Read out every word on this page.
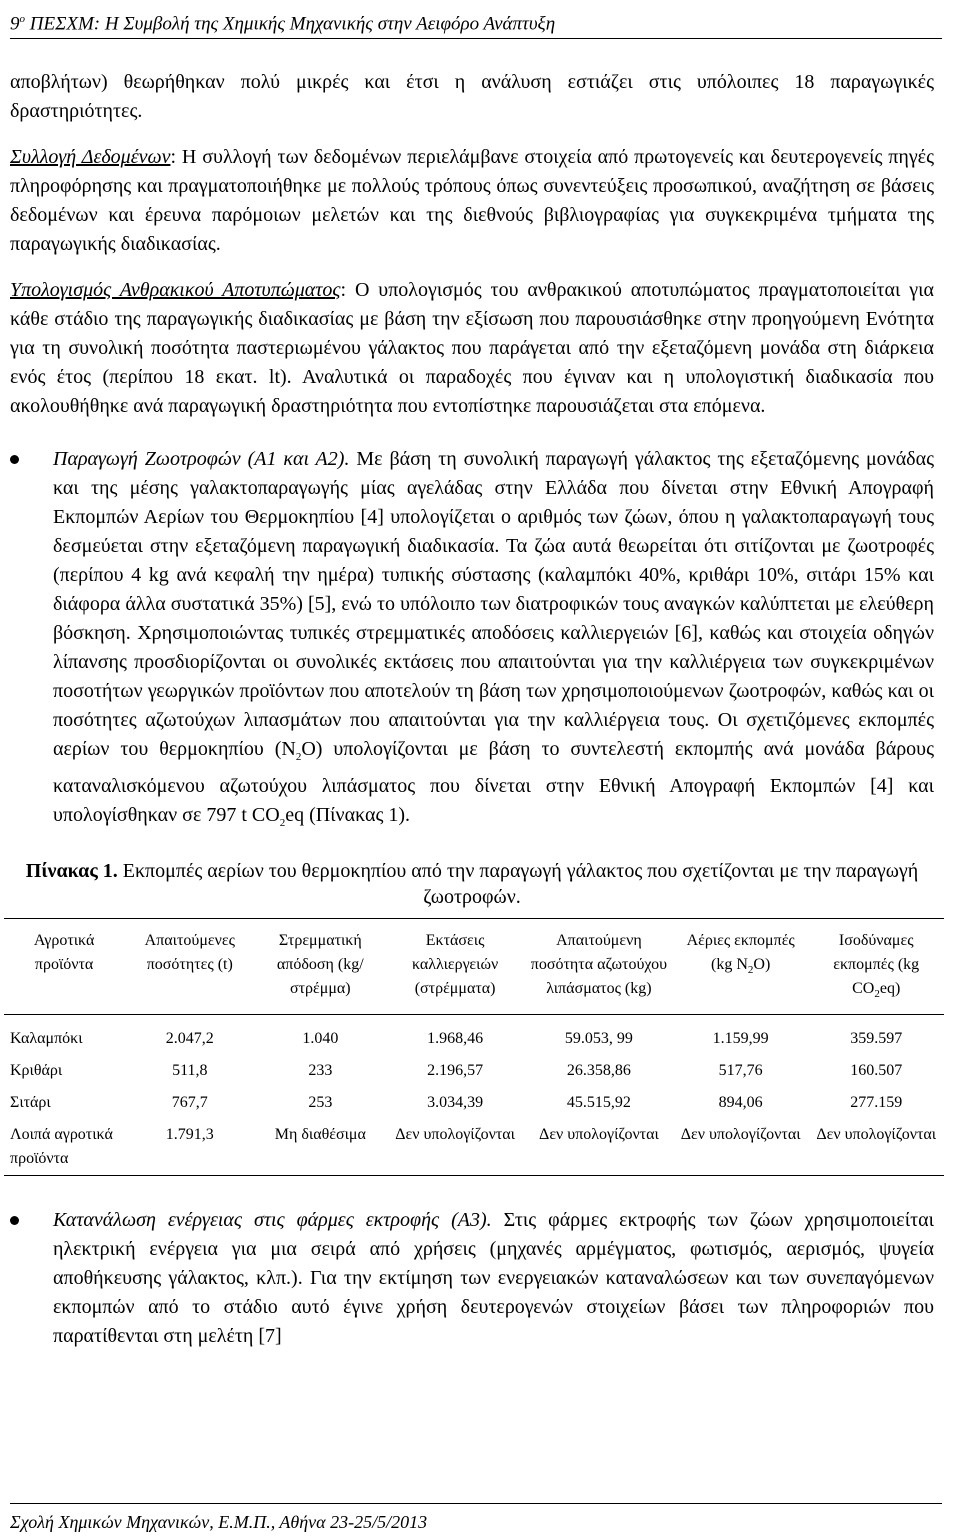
$9^o$ ΠΕΣΧΜ: Η Συμβολή της Χημικής Μηχανικής στην Αειφόρο Ανάπτυξη

αποβλήτων) θεωρήθηκαν πολύ μικρές και έτσι η ανάλυση εστιάζει στις υπόλοιπες 18 παραγωγικές δραστηριότητες.

Συλλογή Δεδομένων: Η συλλογή των δεδομένων περιελάμβανε στοιχεία από πρωτογενείς και δευτερογενείς πηγές πληροφόρησης και πραγματοποιήθηκε με πολλούς τρόπους όπως συνεντεύξεις προσωπικού, αναζήτηση σε βάσεις δεδομένων και έρευνα παρόμοιων μελετών και της διεθνούς βιβλιογραφίας για συγκεκριμένα τμήματα της παραγωγικής διαδικασίας.

Υπολογισμός Ανθρακικού Αποτυπώματος: Ο υπολογισμός του ανθρακικού αποτυπώματος πραγματοποιείται για κάθε στάδιο της παραγωγικής διαδικασίας με βάση την εξίσωση που παρουσιάσθηκε στην προηγούμενη Ενότητα για τη συνολική ποσότητα παστεριωμένου γάλακτος που παράγεται από την εξεταζόμενη μονάδα στη διάρκεια ενός έτος (περίπου 18 εκατ. lt). Αναλυτικά οι παραδοχές που έγιναν και η υπολογιστική διαδικασία που ακολουθήθηκε ανά παραγωγική δραστηριότητα που εντοπίστηκε παρουσιάζεται στα επόμενα.

Παραγωγή Ζωοτροφών (Α1 και Α2). Με βάση τη συνολική παραγωγή γάλακτος της εξεταζόμενης μονάδας και της μέσης γαλακτοπαραγωγής μίας αγελάδας στην Ελλάδα που δίνεται στην Εθνική Απογραφή Εκπομπών Αερίων του Θερμοκηπίου [4] υπολογίζεται ο αριθμός των ζώων, όπου η γαλακτοπαραγωγή τους δεσμεύεται στην εξεταζόμενη παραγωγική διαδικασία. Τα ζώα αυτά θεωρείται ότι σιτίζονται με ζωοτροφές (περίπου 4 kg ανά κεφαλή την ημέρα) τυπικής σύστασης (καλαμπόκι 40%, κριθάρι 10%, σιτάρι 15% και διάφορα άλλα συστατικά 35%) [5], ενώ το υπόλοιπο των διατροφικών τους αναγκών καλύπτεται με ελεύθερη βόσκηση. Χρησιμοποιώντας τυπικές στρεμματικές αποδόσεις καλλιεργειών [6], καθώς και στοιχεία οδηγών λίπανσης προσδιορίζονται οι συνολικές εκτάσεις που απαιτούνται για την καλλιέργεια των συγκεκριμένων ποσοτήτων γεωργικών προϊόντων που αποτελούν τη βάση των χρησιμοποιούμενων ζωοτροφών, καθώς και οι ποσότητες αζωτούχων λιπασμάτων που απαιτούνται για την καλλιέργεια τους. Οι σχετιζόμενες εκπομπές αερίων του θερμοκηπίου $(N_2O)$ υπολογίζονται με βάση το συντελεστή εκπομπής ανά μονάδα βάρους καταναλισκόμενου αζωτούχου λιπάσματος που δίνεται στην Εθνική Απογραφή Εκπομπών [4] και υπολογίσθηκαν σε 797 t $CO_2eq$ (Πίνακας 1).

Πίνακας 1. Εκπομπές αερίων του θερμοκηπίου από την παραγωγή γάλακτος που σχετίζονται με την παραγωγή ζωοτροφών.

Αγροτικά προϊόντα	Απαιτούμενες ποσότητες (t)	Στρεμματική απόδοση (kg/ στρέμμα)	Εκτάσεις καλλιεργειών (στρέμματα)	Απαιτούμενη ποσότητα αζωτούχου λιπάσματος (kg)	Αέριες εκπομπές (kg $N_2O$)	Ισοδύναμες εκπομπές (kg $CO_2eq$)
Καλαμπόκι	2.047,2	1.040	1.968,46	59.053, 99	1.159,99	359.597
Κριθάρι	511,8	233	2.196,57	26.358,86	517,76	160.507
Σιτάρι	767,7	253	3.034,39	45.515,92	894,06	277.159
Λοιπά αγροτικά προϊόντα	1.791,3	Μη διαθέσιμα	Δεν υπολογίζονται	Δεν υπολογίζονται	Δεν υπολογίζονται	Δεν υπολογίζονται

Κατανάλωση ενέργειας στις φάρμες εκτροφής (Α3). Στις φάρμες εκτροφής των ζώων χρησιμοποιείται ηλεκτρική ενέργεια για μια σειρά από χρήσεις (μηχανές αρμέγματος, φωτισμός, αερισμός, ψυγεία αποθήκευσης γάλακτος, κλπ.). Για την εκτίμηση των ενεργειακών καταναλώσεων και των συνεπαγόμενων εκπομπών από το στάδιο αυτό έγινε χρήση δευτερογενών στοιχείων βάσει των πληροφοριών που παρατίθενται στη μελέτη [7]

Σχολή Χημικών Μηχανικών, Ε.Μ.Π., Αθήνα 23-25/5/2013
